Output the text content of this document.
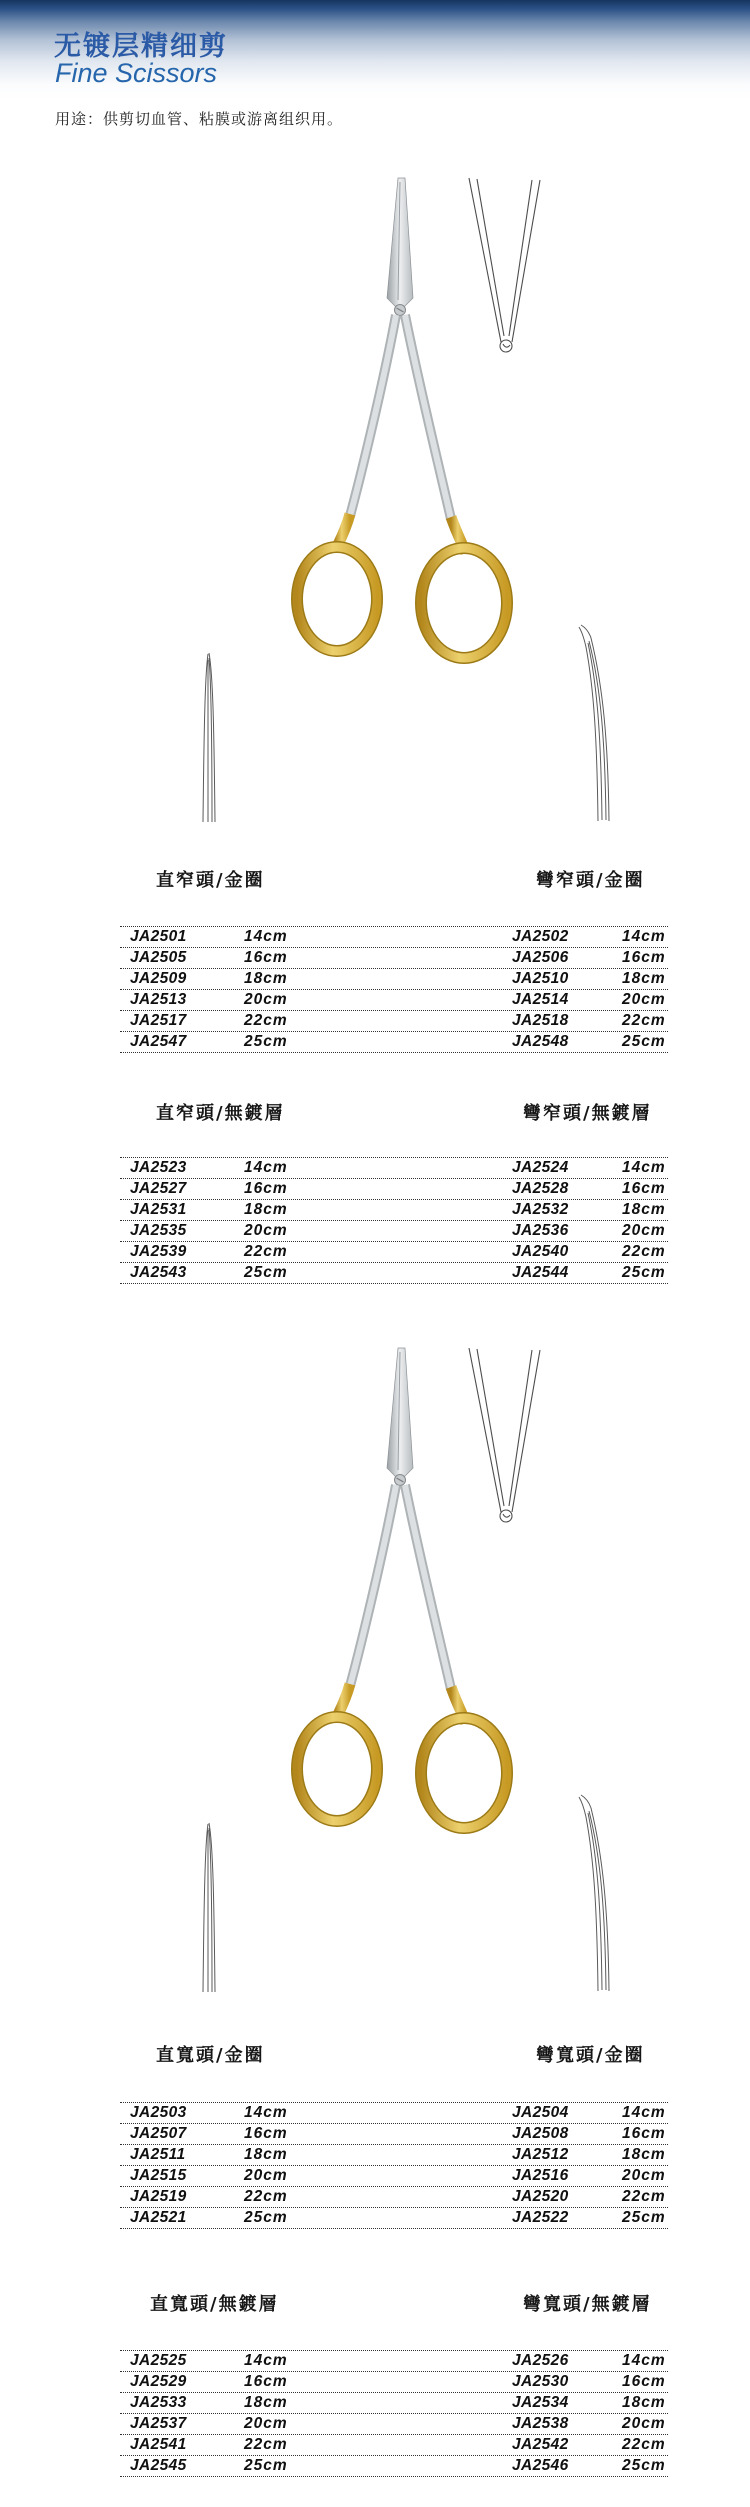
无镀层精细剪
Fine Scissors
用途：供剪切血管、粘膜或游离组织用。
直窄頭/金圈	彎窄頭/金圈
JA2501	14cm	JA2502	14cm
JA2505	16cm	JA2506	16cm
JA2509	18cm	JA2510	18cm
JA2513	20cm	JA2514	20cm
JA2517	22cm	JA2518	22cm
JA2547	25cm	JA2548	25cm
直窄頭/無鍍層	彎窄頭/無鍍層
JA2523	14cm	JA2524	14cm
JA2527	16cm	JA2528	16cm
JA2531	18cm	JA2532	18cm
JA2535	20cm	JA2536	20cm
JA2539	22cm	JA2540	22cm
JA2543	25cm	JA2544	25cm
直寬頭/金圈	彎寬頭/金圈
JA2503	14cm	JA2504	14cm
JA2507	16cm	JA2508	16cm
JA2511	18cm	JA2512	18cm
JA2515	20cm	JA2516	20cm
JA2519	22cm	JA2520	22cm
JA2521	25cm	JA2522	25cm
直寬頭/無鍍層	彎寬頭/無鍍層
JA2525	14cm	JA2526	14cm
JA2529	16cm	JA2530	16cm
JA2533	18cm	JA2534	18cm
JA2537	20cm	JA2538	20cm
JA2541	22cm	JA2542	22cm
JA2545	25cm	JA2546	25cm
